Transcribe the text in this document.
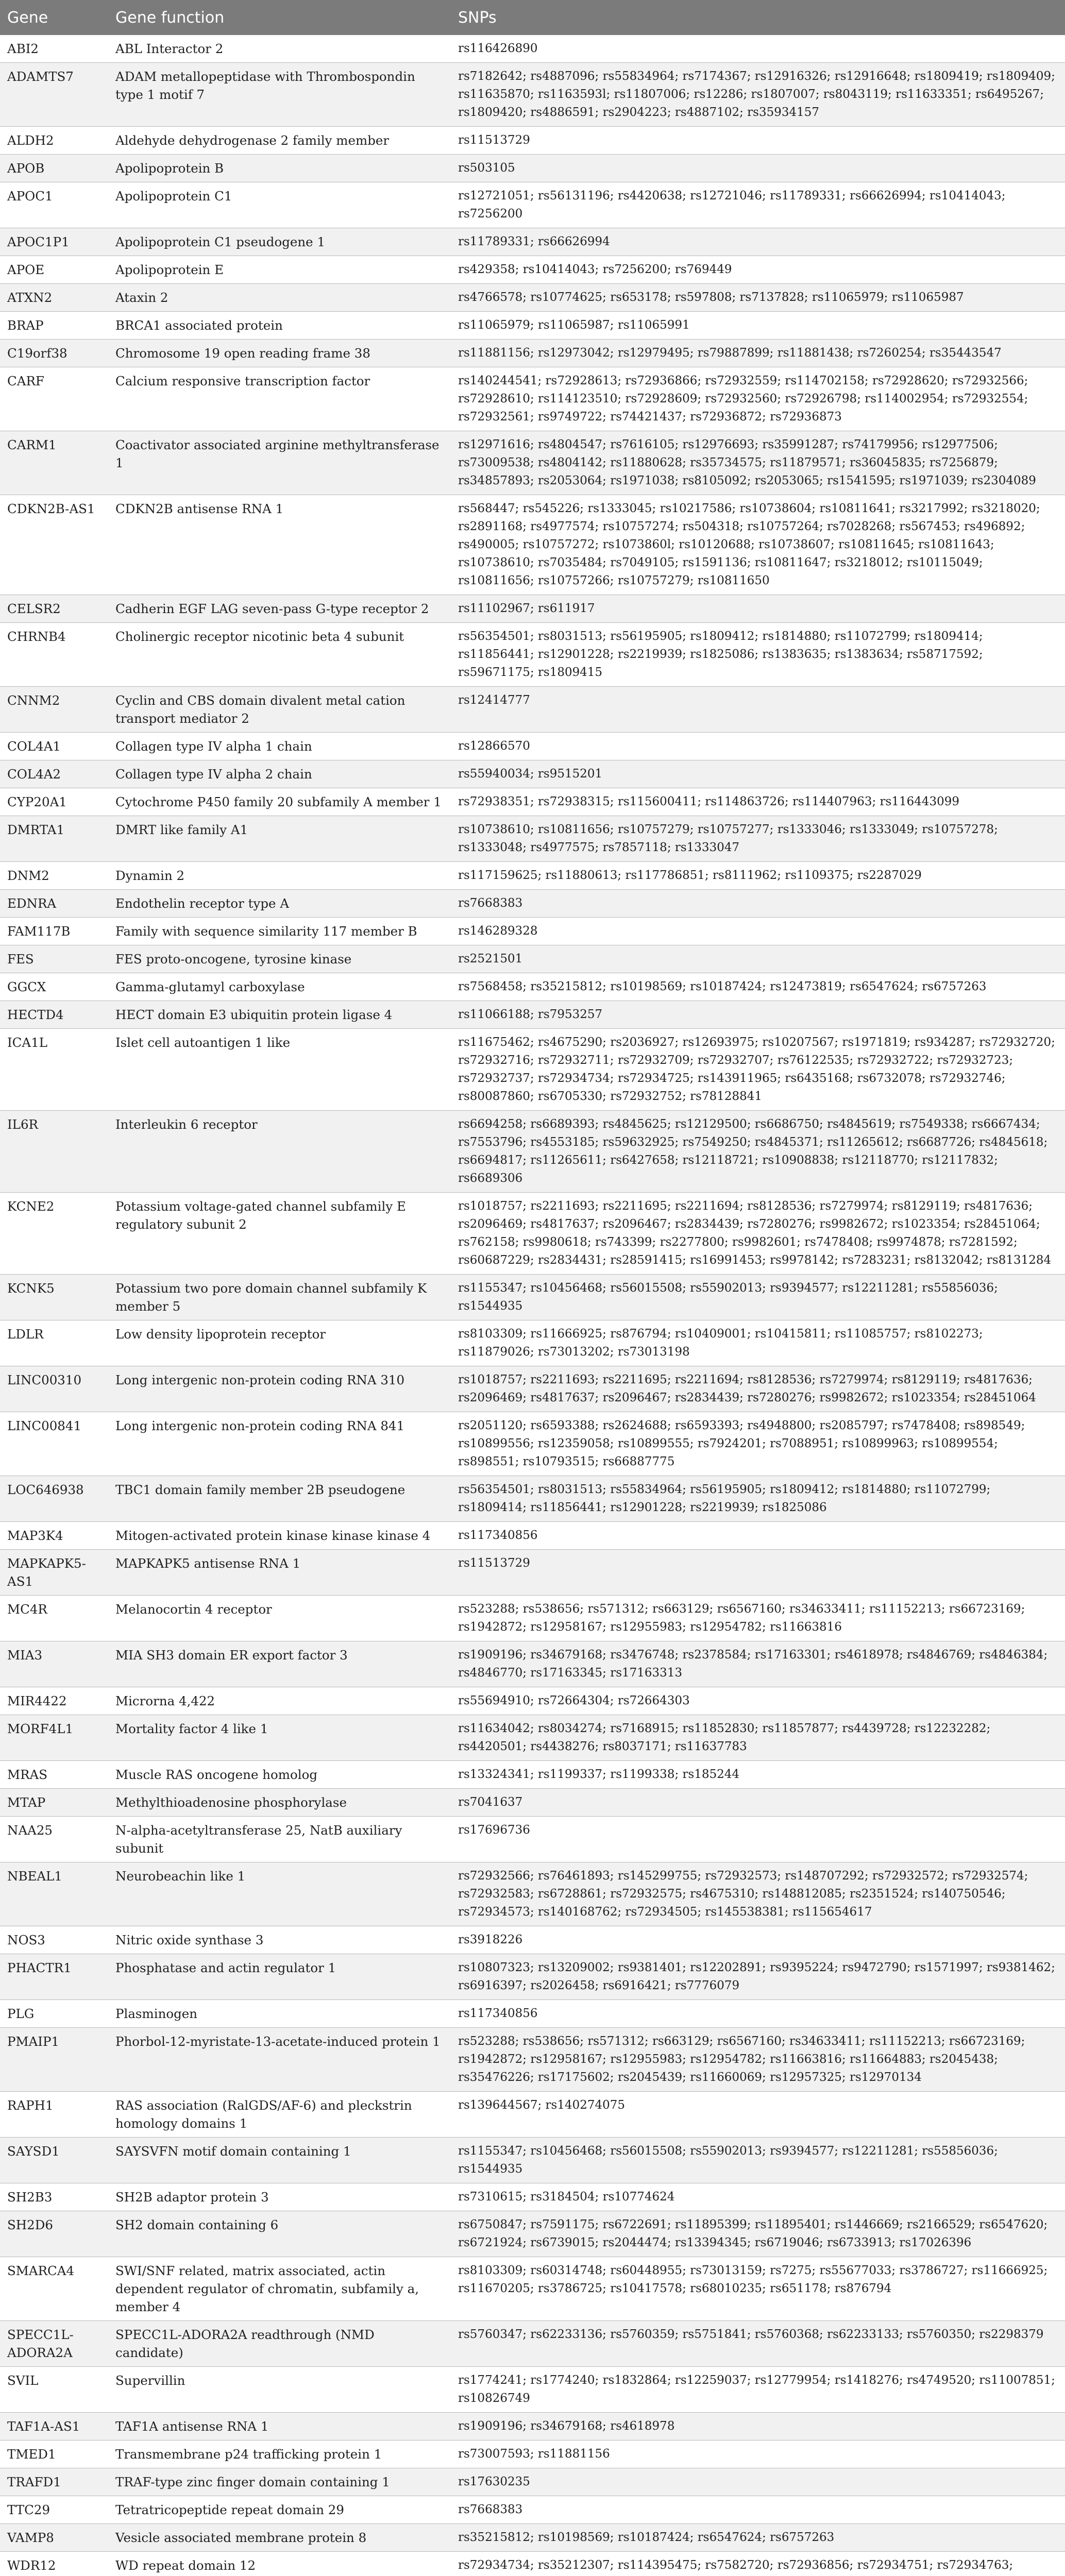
Gene	Gene function	SNPs
ABI2	ABL Interactor 2	rs116426890
ADAMTS7	ADAM metallopeptidase with Thrombospondin type 1 motif 7	rs7182642; rs4887096; rs55834964; rs7174367; rs12916326; rs12916648; rs1809419; rs1809409; rs11635870; rs1163593l; rs11807006; rs12286; rs1807007; rs8043119; rs11633351; rs6495267; rs1809420; rs4886591; rs2904223; rs4887102; rs35934157
ALDH2	Aldehyde dehydrogenase 2 family member	rs11513729
APOB	Apolipoprotein B	rs503105
APOC1	Apolipoprotein C1	rs12721051; rs56131196; rs4420638; rs12721046; rs11789331; rs66626994; rs10414043; rs7256200
APOC1P1	Apolipoprotein C1 pseudogene 1	rs11789331; rs66626994
APOE	Apolipoprotein E	rs429358; rs10414043; rs7256200; rs769449
ATXN2	Ataxin 2	rs4766578; rs10774625; rs653178; rs597808; rs7137828; rs11065979; rs11065987
BRAP	BRCA1 associated protein	rs11065979; rs11065987; rs11065991
C19orf38	Chromosome 19 open reading frame 38	rs11881156; rs12973042; rs12979495; rs79887899; rs11881438; rs7260254; rs35443547
CARF	Calcium responsive transcription factor	rs140244541; rs72928613; rs72936866; rs72932559; rs114702158; rs72928620; rs72932566; rs72928610; rs114123510; rs72928609; rs72932560; rs72926798; rs114002954; rs72932554; rs72932561; rs9749722; rs74421437; rs72936872; rs72936873
CARM1	Coactivator associated arginine methyltransferase 1	rs12971616; rs4804547; rs7616105; rs12976693; rs35991287; rs74179956; rs12977506; rs73009538; rs4804142; rs11880628; rs35734575; rs11879571; rs36045835; rs7256879; rs34857893; rs2053064; rs1971038; rs8105092; rs2053065; rs1541595; rs1971039; rs2304089
CDKN2B-AS1	CDKN2B antisense RNA 1	rs568447; rs545226; rs1333045; rs10217586; rs10738604; rs10811641; rs3217992; rs3218020; rs2891168; rs4977574; rs10757274; rs504318; rs10757264; rs7028268; rs567453; rs496892; rs490005; rs10757272; rs1073860l; rs10120688; rs10738607; rs10811645; rs10811643; rs10738610; rs7035484; rs7049105; rs1591136; rs10811647; rs3218012; rs10115049; rs10811656; rs10757266; rs10757279; rs10811650
CELSR2	Cadherin EGF LAG seven-pass G-type receptor 2	rs11102967; rs611917
CHRNB4	Cholinergic receptor nicotinic beta 4 subunit	rs56354501; rs8031513; rs56195905; rs1809412; rs1814880; rs11072799; rs1809414; rs11856441; rs12901228; rs2219939; rs1825086; rs1383635; rs1383634; rs58717592; rs59671175; rs1809415
CNNM2	Cyclin and CBS domain divalent metal cation transport mediator 2	rs12414777
COL4A1	Collagen type IV alpha 1 chain	rs12866570
COL4A2	Collagen type IV alpha 2 chain	rs55940034; rs9515201
CYP20A1	Cytochrome P450 family 20 subfamily A member 1	rs72938351; rs72938315; rs115600411; rs114863726; rs114407963; rs116443099
DMRTA1	DMRT like family A1	rs10738610; rs10811656; rs10757279; rs10757277; rs1333046; rs1333049; rs10757278; rs1333048; rs4977575; rs7857118; rs1333047
DNM2	Dynamin 2	rs117159625; rs11880613; rs117786851; rs8111962; rs1109375; rs2287029
EDNRA	Endothelin receptor type A	rs7668383
FAM117B	Family with sequence similarity 117 member B	rs146289328
FES	FES proto-oncogene, tyrosine kinase	rs2521501
GGCX	Gamma-glutamyl carboxylase	rs7568458; rs35215812; rs10198569; rs10187424; rs12473819; rs6547624; rs6757263
HECTD4	HECT domain E3 ubiquitin protein ligase 4	rs11066188; rs7953257
ICA1L	Islet cell autoantigen 1 like	rs11675462; rs4675290; rs2036927; rs12693975; rs10207567; rs1971819; rs934287; rs72932720; rs72932716; rs72932711; rs72932709; rs72932707; rs76122535; rs72932722; rs72932723; rs72932737; rs72934734; rs72934725; rs143911965; rs6435168; rs6732078; rs72932746; rs80087860; rs6705330; rs72932752; rs78128841
IL6R	Interleukin 6 receptor	rs6694258; rs6689393; rs4845625; rs12129500; rs6686750; rs4845619; rs7549338; rs6667434; rs7553796; rs4553185; rs59632925; rs7549250; rs4845371; rs11265612; rs6687726; rs4845618; rs6694817; rs11265611; rs6427658; rs12118721; rs10908838; rs12118770; rs12117832; rs6689306
KCNE2	Potassium voltage-gated channel subfamily E regulatory subunit 2	rs1018757; rs2211693; rs2211695; rs2211694; rs8128536; rs7279974; rs8129119; rs4817636; rs2096469; rs4817637; rs2096467; rs2834439; rs7280276; rs9982672; rs1023354; rs28451064; rs762158; rs9980618; rs743399; rs2277800; rs9982601; rs7478408; rs9974878; rs7281592; rs60687229; rs2834431; rs28591415; rs16991453; rs9978142; rs7283231; rs8132042; rs8131284
KCNK5	Potassium two pore domain channel subfamily K member 5	rs1155347; rs10456468; rs56015508; rs55902013; rs9394577; rs12211281; rs55856036; rs1544935
LDLR	Low density lipoprotein receptor	rs8103309; rs11666925; rs876794; rs10409001; rs10415811; rs11085757; rs8102273; rs11879026; rs73013202; rs73013198
LINC00310	Long intergenic non-protein coding RNA 310	rs1018757; rs2211693; rs2211695; rs2211694; rs8128536; rs7279974; rs8129119; rs4817636; rs2096469; rs4817637; rs2096467; rs2834439; rs7280276; rs9982672; rs1023354; rs28451064
LINC00841	Long intergenic non-protein coding RNA 841	rs2051120; rs6593388; rs2624688; rs6593393; rs4948800; rs2085797; rs7478408; rs898549; rs10899556; rs12359058; rs10899555; rs7924201; rs7088951; rs10899963; rs10899554; rs898551; rs10793515; rs66887775
LOC646938	TBC1 domain family member 2B pseudogene	rs56354501; rs8031513; rs55834964; rs56195905; rs1809412; rs1814880; rs11072799; rs1809414; rs11856441; rs12901228; rs2219939; rs1825086
MAP3K4	Mitogen-activated protein kinase kinase kinase 4	rs117340856
MAPKAPK5-AS1	MAPKAPK5 antisense RNA 1	rs11513729
MC4R	Melanocortin 4 receptor	rs523288; rs538656; rs571312; rs663129; rs6567160; rs34633411; rs11152213; rs66723169; rs1942872; rs12958167; rs12955983; rs12954782; rs11663816
MIA3	MIA SH3 domain ER export factor 3	rs1909196; rs34679168; rs3476748; rs2378584; rs17163301; rs4618978; rs4846769; rs4846384; rs4846770; rs17163345; rs17163313
MIR4422	Microrna 4,422	rs55694910; rs72664304; rs72664303
MORF4L1	Mortality factor 4 like 1	rs11634042; rs8034274; rs7168915; rs11852830; rs11857877; rs4439728; rs12232282; rs4420501; rs4438276; rs8037171; rs11637783
MRAS	Muscle RAS oncogene homolog	rs13324341; rs1199337; rs1199338; rs185244
MTAP	Methylthioadenosine phosphorylase	rs7041637
NAA25	N-alpha-acetyltransferase 25, NatB auxiliary subunit	rs17696736
NBEAL1	Neurobeachin like 1	rs72932566; rs76461893; rs145299755; rs72932573; rs148707292; rs72932572; rs72932574; rs72932583; rs6728861; rs72932575; rs4675310; rs148812085; rs2351524; rs140750546; rs72934573; rs140168762; rs72934505; rs145538381; rs115654617
NOS3	Nitric oxide synthase 3	rs3918226
PHACTR1	Phosphatase and actin regulator 1	rs10807323; rs13209002; rs9381401; rs12202891; rs9395224; rs9472790; rs1571997; rs9381462; rs6916397; rs2026458; rs6916421; rs7776079
PLG	Plasminogen	rs117340856
PMAIP1	Phorbol-12-myristate-13-acetate-induced protein 1	rs523288; rs538656; rs571312; rs663129; rs6567160; rs34633411; rs11152213; rs66723169; rs1942872; rs12958167; rs12955983; rs12954782; rs11663816; rs11664883; rs2045438; rs35476226; rs17175602; rs2045439; rs11660069; rs12957325; rs12970134
RAPH1	RAS association (RalGDS/AF-6) and pleckstrin homology domains 1	rs139644567; rs140274075
SAYSD1	SAYSVFN motif domain containing 1	rs1155347; rs10456468; rs56015508; rs55902013; rs9394577; rs12211281; rs55856036; rs1544935
SH2B3	SH2B adaptor protein 3	rs7310615; rs3184504; rs10774624
SH2D6	SH2 domain containing 6	rs6750847; rs7591175; rs6722691; rs11895399; rs11895401; rs1446669; rs2166529; rs6547620; rs6721924; rs6739015; rs2044474; rs13394345; rs6719046; rs6733913; rs17026396
SMARCA4	SWI/SNF related, matrix associated, actin dependent regulator of chromatin, subfamily a, member 4	rs8103309; rs60314748; rs60448955; rs73013159; rs7275; rs55677033; rs3786727; rs11666925; rs11670205; rs3786725; rs10417578; rs68010235; rs651178; rs876794
SPECC1L-ADORA2A	SPECC1L-ADORA2A readthrough (NMD candidate)	rs5760347; rs62233136; rs5760359; rs5751841; rs5760368; rs62233133; rs5760350; rs2298379
SVIL	Supervillin	rs1774241; rs1774240; rs1832864; rs12259037; rs12779954; rs1418276; rs4749520; rs11007851; rs10826749
TAF1A-AS1	TAF1A antisense RNA 1	rs1909196; rs34679168; rs4618978
TMED1	Transmembrane p24 trafficking protein 1	rs73007593; rs11881156
TRAFD1	TRAF-type zinc finger domain containing 1	rs17630235
TTC29	Tetratricopeptide repeat domain 29	rs7668383
VAMP8	Vesicle associated membrane protein 8	rs35215812; rs10198569; rs10187424; rs6547624; rs6757263
WDR12	WD repeat domain 12	rs72934734; rs35212307; rs114395475; rs7582720; rs72936856; rs72934751; rs72934763;
